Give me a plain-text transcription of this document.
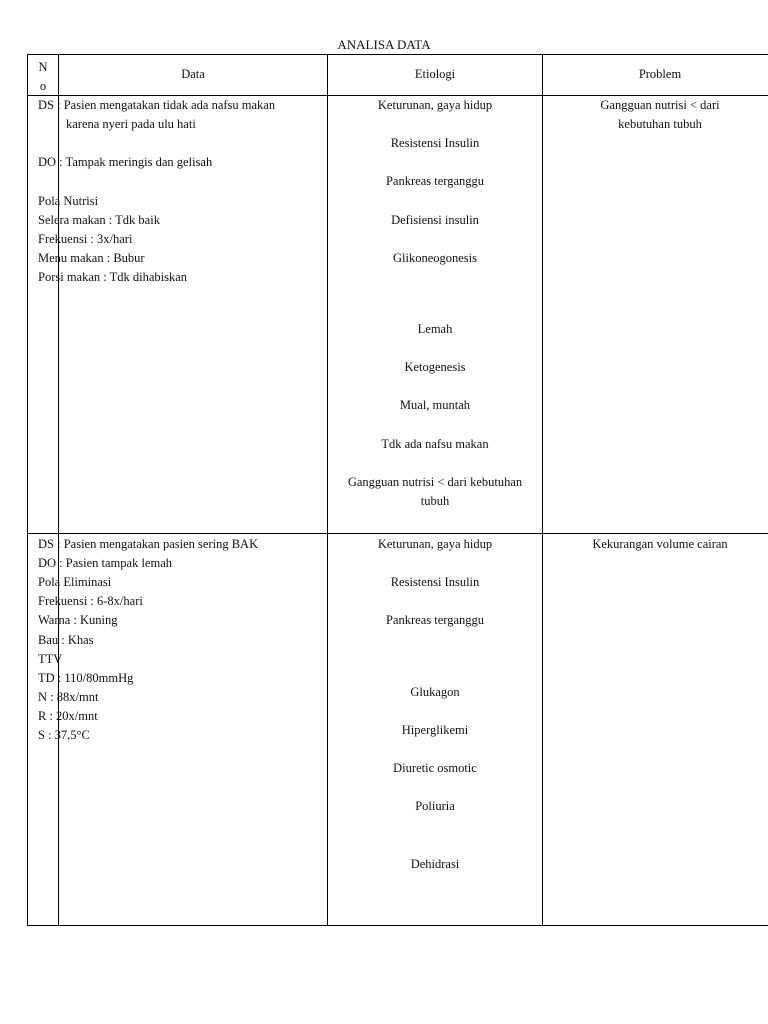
ANALISA DATA
N o
Data	Etiologi	Problem
DS : Pasien mengatakan tidak ada nafsu makan
karena nyeri pada ulu hati
DO : Tampak meringis dan gelisah
Pola Nutrisi
Selera makan : Tdk baik
Frekuensi : 3x/hari
Menu makan : Bubur
Porsi makan : Tdk dihabiskan
Keturunan, gaya hidup
Resistensi Insulin
Pankreas terganggu
Defisiensi insulin
Glikoneogonesis
Lemah
Ketogenesis
Mual, muntah
Tdk ada nafsu makan
Gangguan nutrisi < dari kebutuhan
tubuh
Gangguan nutrisi < dari
kebutuhan tubuh
DS : Pasien mengatakan pasien sering BAK
DO : Pasien tampak lemah
Pola Eliminasi
Frekuensi : 6-8x/hari
Warna : Kuning
Bau : Khas
TTV
TD : 110/80mmHg
N : 88x/mnt
R : 20x/mnt
S : 37,5°C
Keturunan, gaya hidup
Resistensi Insulin
Pankreas terganggu
Glukagon
Hiperglikemi
Diuretic osmotic
Poliuria
Dehidrasi
Kekurangan volume cairan
